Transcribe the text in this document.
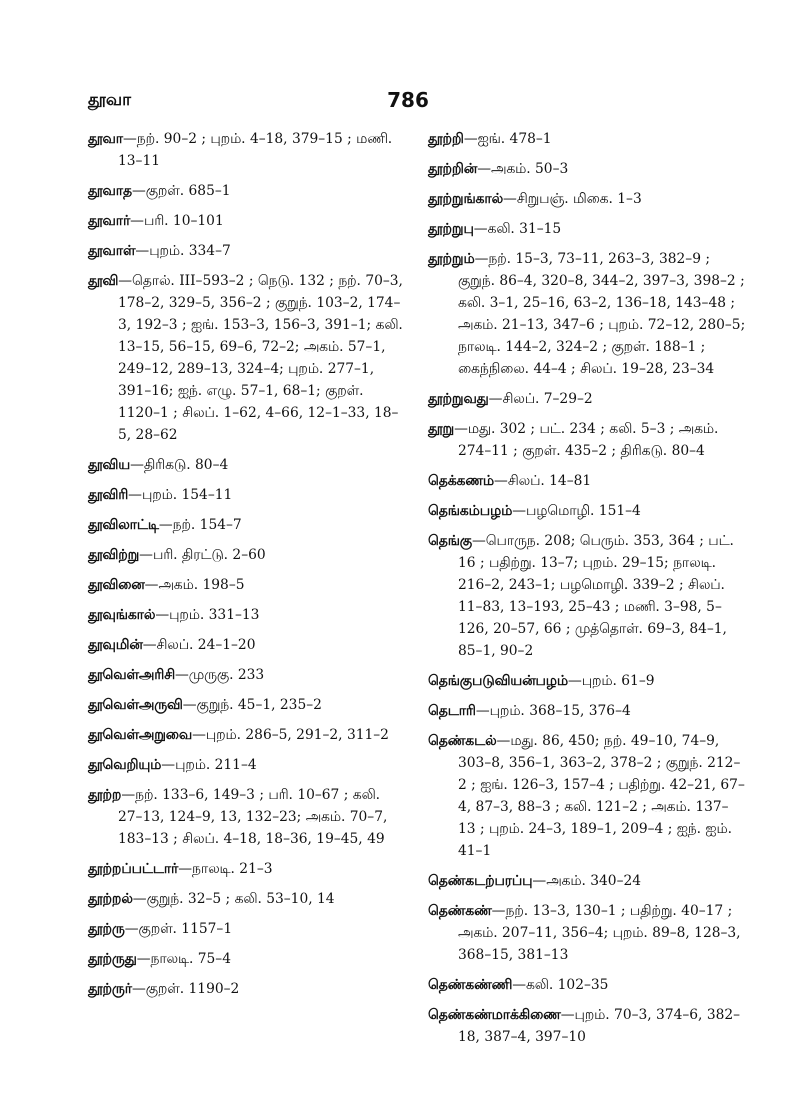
தூவா	786
தூவா—நற். 90–2 ; புறம். 4–18, 379–15 ; மணி. 13–11
தூவாத—குறள். 685–1
தூவார்—பரி. 10–101
தூவாள்—புறம். 334–7
தூவி—தொல். III–593–2 ; நெடு. 132 ; நற். 70–3, 178–2, 329–5, 356–2 ; குறுந். 103–2, 174–3, 192–3 ; ஐங். 153–3, 156–3, 391–1; கலி. 13–15, 56–15, 69–6, 72–2; அகம். 57–1, 249–12, 289–13, 324–4; புறம். 277–1, 391–16; ஐந். எழு. 57–1, 68–1; குறள். 1120–1 ; சிலப். 1–62, 4–66, 12–1–33, 18–5, 28–62
தூவிய—திரிகடு. 80–4
தூவிரி—புறம். 154–11
தூவிலாட்டி—நற். 154–7
தூவிற்று—பரி. திரட்டு. 2–60
தூவினை—அகம். 198–5
தூவுங்கால்—புறம். 331–13
தூவுமின்—சிலப். 24–1–20
தூவெள்அரிசி—முருகு. 233
தூவெள்அருவி—குறுந். 45–1, 235–2
தூவெள்அறுவை—புறம். 286–5, 291–2, 311–2
தூவெறியும்—புறம். 211–4
தூற்ற—நற். 133–6, 149–3 ; பரி. 10–67 ; கலி. 27–13, 124–9, 13, 132–23; அகம். 70–7, 183–13 ; சிலப். 4–18, 18–36, 19–45, 49
தூற்றப்பட்டார்—நாலடி. 21–3
தூற்றல்—குறுந். 32–5 ; கலி. 53–10, 14
தூற்ரு—குறள். 1157–1
தூற்ருது—நாலடி. 75–4
தூற்ருர்—குறள். 1190–2
தூற்றி—ஐங். 478–1
தூற்றின்—அகம். 50–3
தூற்றுங்கால்—சிறுபஞ். மிகை. 1–3
தூற்றுபு—கலி. 31–15
தூற்றும்—நற். 15–3, 73–11, 263–3, 382–9 ; குறுந். 86–4, 320–8, 344–2, 397–3, 398–2 ; கலி. 3–1, 25–16, 63–2, 136–18, 143–48 ; அகம். 21–13, 347–6 ; புறம். 72–12, 280–5; நாலடி. 144–2, 324–2 ; குறள். 188–1 ; கைந்நிலை. 44–4 ; சிலப். 19–28, 23–34
தூற்றுவது—சிலப். 7–29–2
தூறு—மது. 302 ; பட். 234 ; கலி. 5–3 ; அகம். 274–11 ; குறள். 435–2 ; திரிகடு. 80–4
தெக்கணம்—சிலப். 14–81
தெங்கம்பழம்—பழமொழி. 151–4
தெங்கு—பொருந. 208; பெரும். 353, 364 ; பட். 16 ; பதிற்று. 13–7; புறம். 29–15; நாலடி. 216–2, 243–1; பழமொழி. 339–2 ; சிலப். 11–83, 13–193, 25–43 ; மணி. 3–98, 5–126, 20–57, 66 ; முத்தொள். 69–3, 84–1, 85–1, 90–2
தெங்குபடுவியன்பழம்—புறம். 61–9
தெடாரி—புறம். 368–15, 376–4
தெண்கடல்—மது. 86, 450; நற். 49–10, 74–9, 303–8, 356–1, 363–2, 378–2 ; குறுந். 212–2 ; ஐங். 126–3, 157–4 ; பதிற்று. 42–21, 67–4, 87–3, 88–3 ; கலி. 121–2 ; அகம். 137–13 ; புறம். 24–3, 189–1, 209–4 ; ஐந். ஐம். 41–1
தெண்கடற்பரப்பு—அகம். 340–24
தெண்கண்—நற். 13–3, 130–1 ; பதிற்று. 40–17 ; அகம். 207–11, 356–4; புறம். 89–8, 128–3, 368–15, 381–13
தெண்கண்ணி—கலி. 102–35
தெண்கண்மாக்கிணை—புறம். 70–3, 374–6, 382–18, 387–4, 397–10
